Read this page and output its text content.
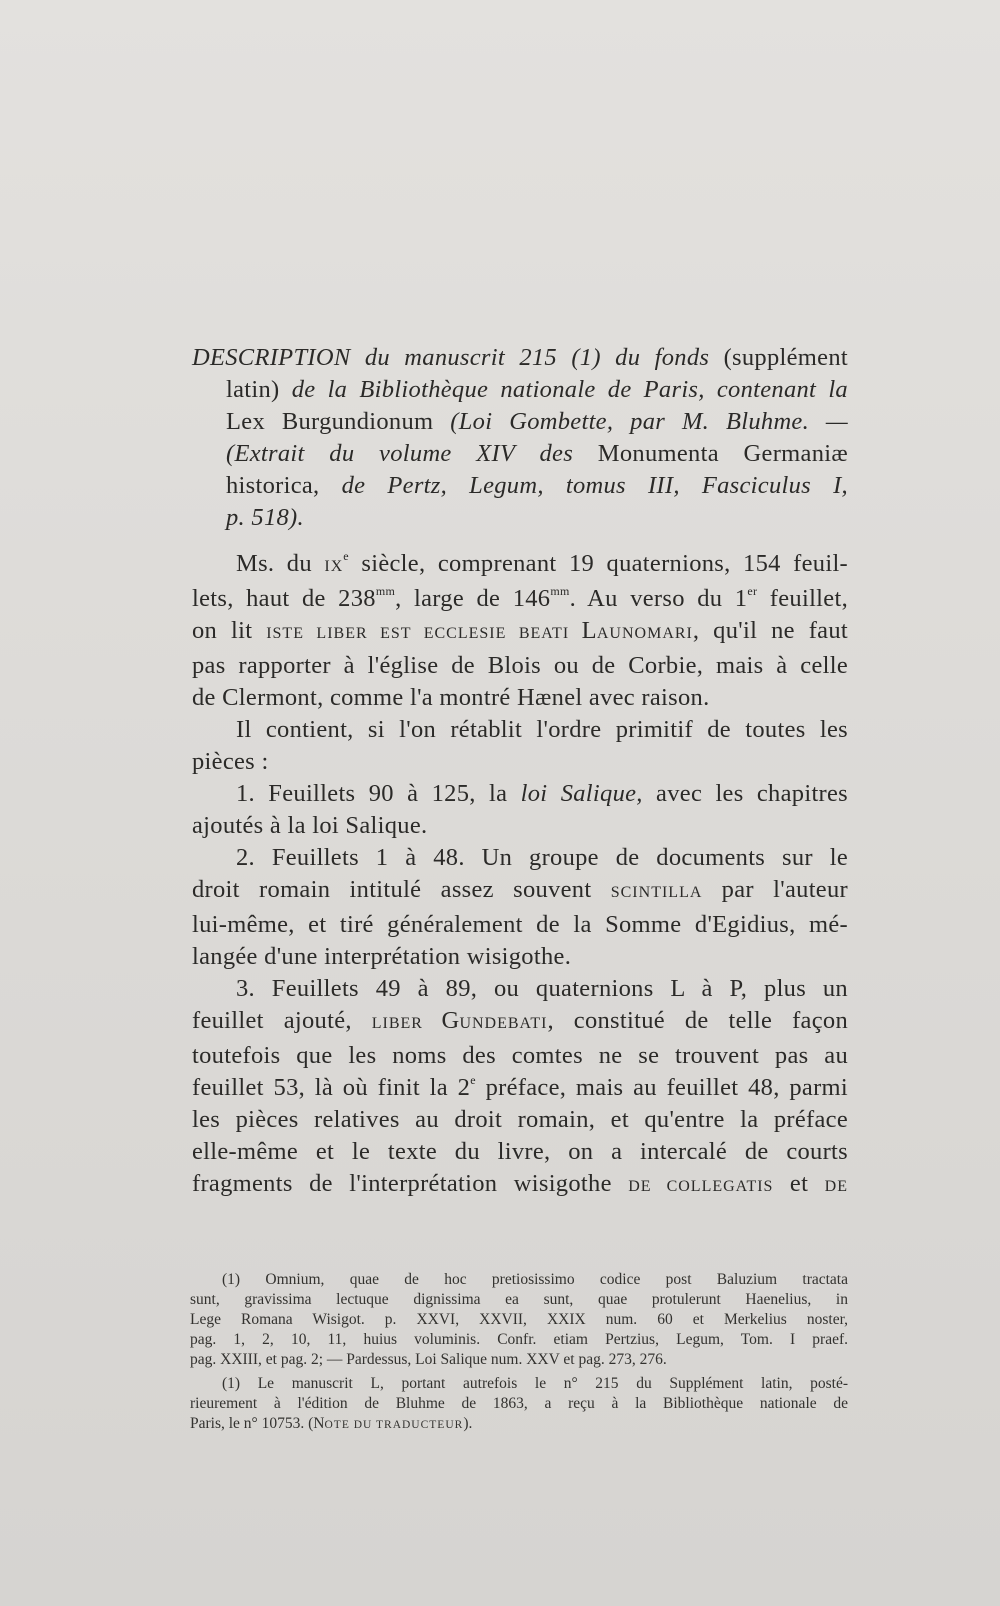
DESCRIPTION du manuscrit 215 (1) du fonds (supplément
latin) de la Bibliothèque nationale de Paris, contenant la
Lex Burgundionum (Loi Gombette, par M. Bluhme. —
(Extrait du volume XIV des Monumenta Germaniæ
historica, de Pertz, Legum, tomus III, Fasciculus I,
p. 518).
Ms. du IXe siècle, comprenant 19 quaternions, 154 feuil-
lets, haut de $238^{mm}$, large de $146^{mm}$. Au verso du 1er feuillet,
on lit ISTE LIBER EST ECCLESIE BEATI LAUNOMARI, qu'il ne faut
pas rapporter à l'église de Blois ou de Corbie, mais à celle
de Clermont, comme l'a montré Hænel avec raison.
Il contient, si l'on rétablit l'ordre primitif de toutes les
pièces :
1. Feuillets 90 à 125, la loi Salique, avec les chapitres
ajoutés à la loi Salique.
2. Feuillets 1 à 48. Un groupe de documents sur le
droit romain intitulé assez souvent SCINTILLA par l'auteur
lui-même, et tiré généralement de la Somme d'Egidius, mé-
langée d'une interprétation wisigothe.
3. Feuillets 49 à 89, ou quaternions L à P, plus un
feuillet ajouté, LIBER GUNDEBATI, constitué de telle façon
toutefois que les noms des comtes ne se trouvent pas au
feuillet 53, là où finit la 2e préface, mais au feuillet 48, parmi
les pièces relatives au droit romain, et qu'entre la préface
elle-même et le texte du livre, on a intercalé de courts
fragments de l'interprétation wisigothe DE COLLEGATIS et DE
(1) Omnium, quae de hoc pretiosissimo codice post Baluzium tractata
sunt, gravissima lectuque dignissima ea sunt, quae protulerunt Haenelius, in
Lege Romana Wisigot. p. XXVI, XXVII, XXIX num. 60 et Merkelius noster,
pag. 1, 2, 10, 11, huius voluminis. Confr. etiam Pertzius, Legum, Tom. I praef.
pag. XXIII, et pag. 2; — Pardessus, Loi Salique num. XXV et pag. 273, 276.
(1) Le manuscrit L, portant autrefois le n° 215 du Supplément latin, posté-
rieurement à l'édition de Bluhme de 1863, a reçu à la Bibliothèque nationale de
Paris, le n° 10753. (NOTE DU TRADUCTEUR).
